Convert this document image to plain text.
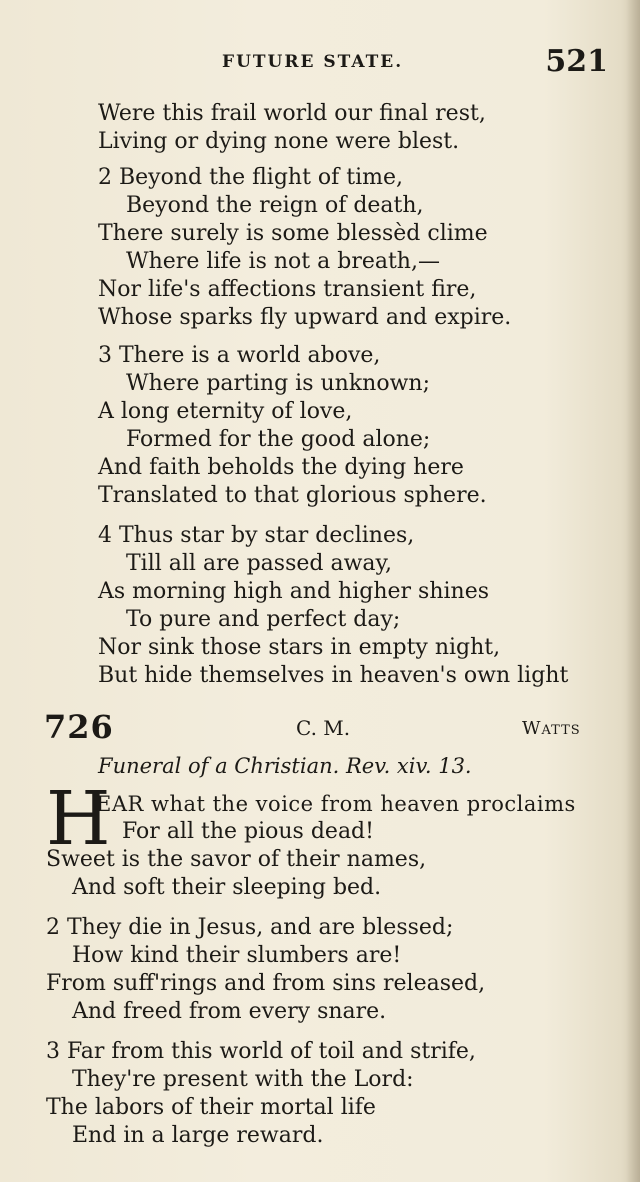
FUTURE STATE.	521
Were this frail world our final rest,
Living or dying none were blest.
2 Beyond the flight of time,
Beyond the reign of death,
There surely is some blessèd clime
Where life is not a breath,—
Nor life's affections transient fire,
Whose sparks fly upward and expire.
3 There is a world above,
Where parting is unknown;
A long eternity of love,
Formed for the good alone;
And faith beholds the dying here
Translated to that glorious sphere.
4 Thus star by star declines,
Till all are passed away,
As morning high and higher shines
To pure and perfect day;
Nor sink those stars in empty night,
But hide themselves in heaven's own light
726	C. M.	Watts
Funeral of a Christian. Rev. xiv. 13.
H
EAR what the voice from heaven proclaims
For all the pious dead!
Sweet is the savor of their names,
And soft their sleeping bed.
2 They die in Jesus, and are blessed;
How kind their slumbers are!
From suff'rings and from sins released,
And freed from every snare.
3 Far from this world of toil and strife,
They're present with the Lord:
The labors of their mortal life
End in a large reward.
